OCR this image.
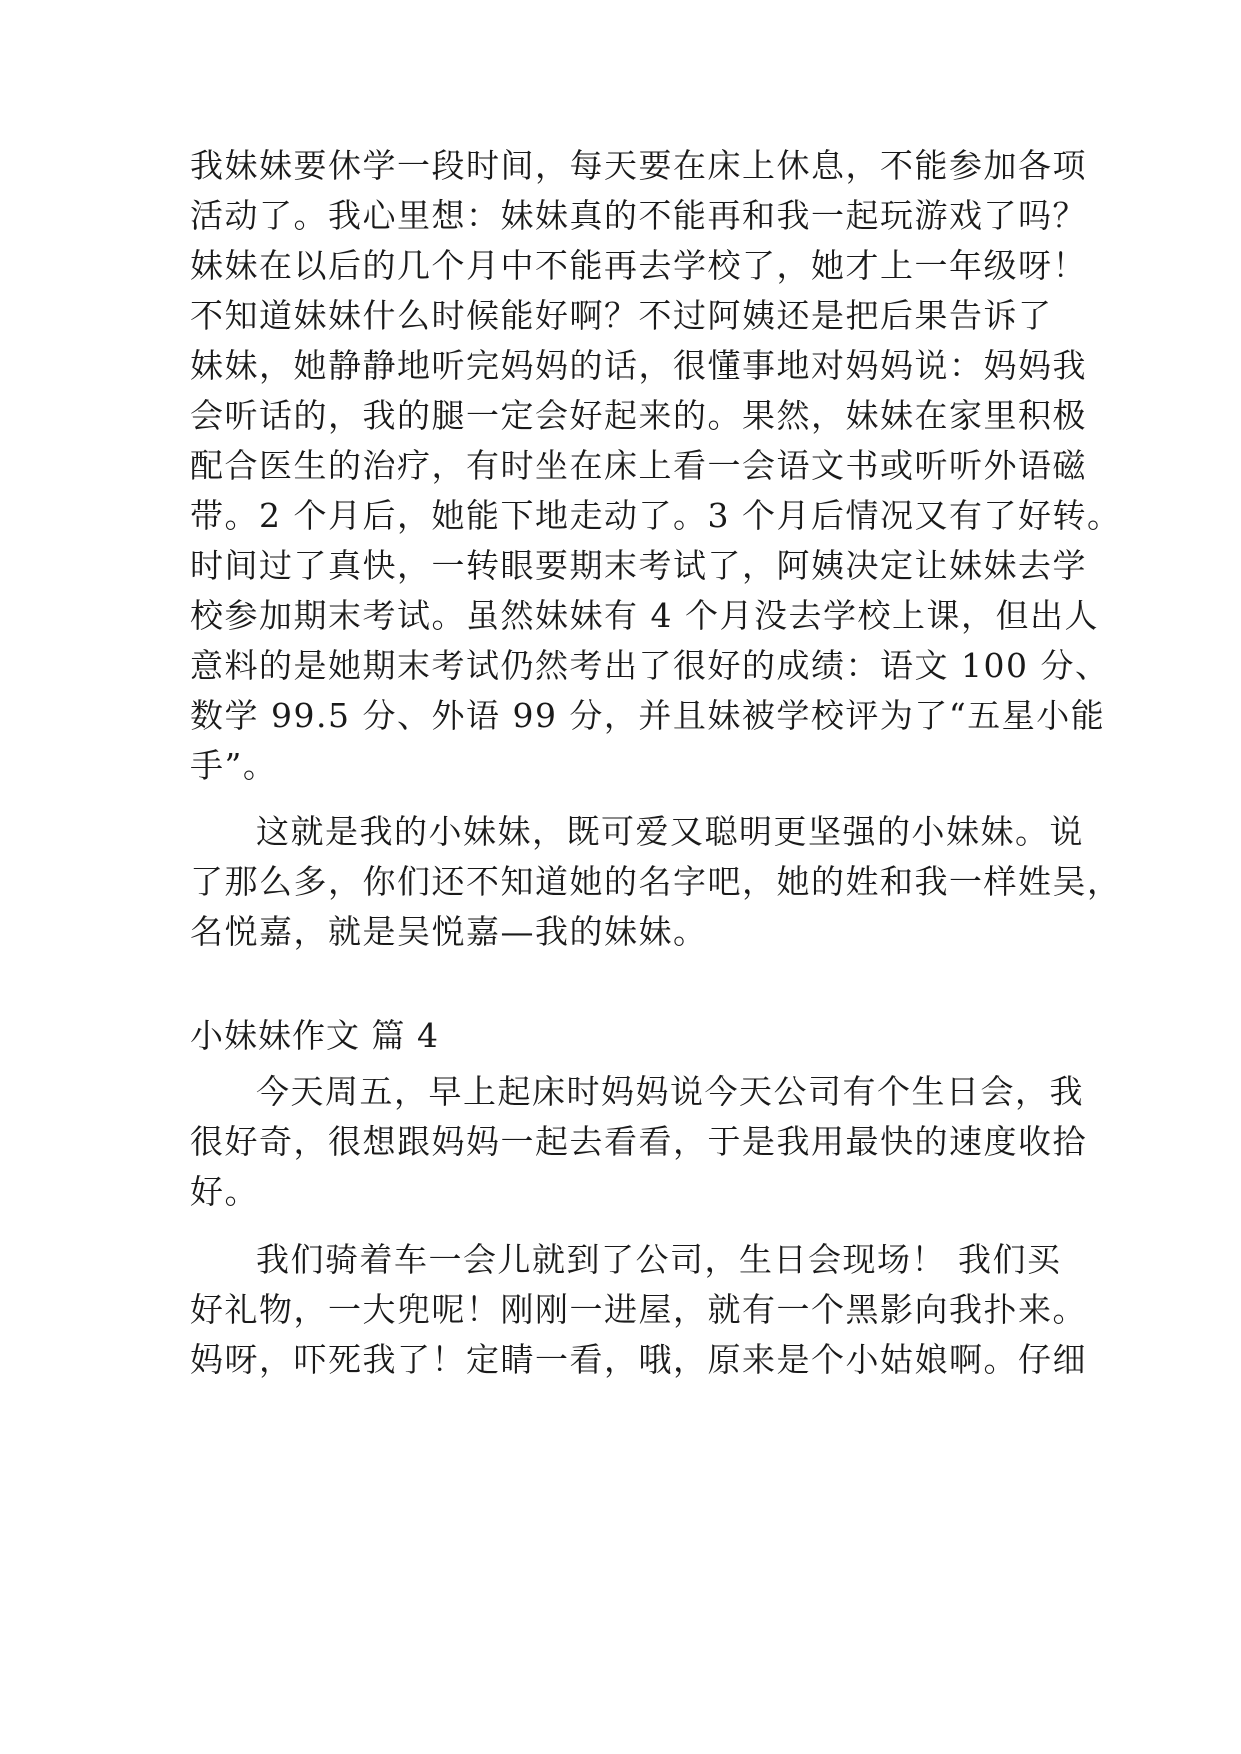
我妹妹要休学一段时间，每天要在床上休息，不能参加各项
活动了。我心里想：妹妹真的不能再和我一起玩游戏了吗？
妹妹在以后的几个月中不能再去学校了，她才上一年级呀！
不知道妹妹什么时候能好啊？不过阿姨还是把后果告诉了
妹妹，她静静地听完妈妈的话，很懂事地对妈妈说：妈妈我
会听话的，我的腿一定会好起来的。果然，妹妹在家里积极
配合医生的治疗，有时坐在床上看一会语文书或听听外语磁
带。2 个月后，她能下地走动了。3 个月后情况又有了好转。
时间过了真快，一转眼要期末考试了，阿姨决定让妹妹去学
校参加期末考试。虽然妹妹有 4 个月没去学校上课，但出人
意料的是她期末考试仍然考出了很好的成绩：语文 100 分、
数学 99.5 分、外语 99 分，并且妹被学校评为了“五星小能
手”。
这就是我的小妹妹，既可爱又聪明更坚强的小妹妹。说
了那么多，你们还不知道她的名字吧，她的姓和我一样姓吴，
名悦嘉，就是吴悦嘉—我的妹妹。
小妹妹作文 篇 4
今天周五，早上起床时妈妈说今天公司有个生日会，我
很好奇，很想跟妈妈一起去看看，于是我用最快的速度收拾
好。
我们骑着车一会儿就到了公司，生日会现场！ 我们买
好礼物，一大兜呢！刚刚一进屋，就有一个黑影向我扑来。
妈呀，吓死我了！定睛一看，哦，原来是个小姑娘啊。仔细
